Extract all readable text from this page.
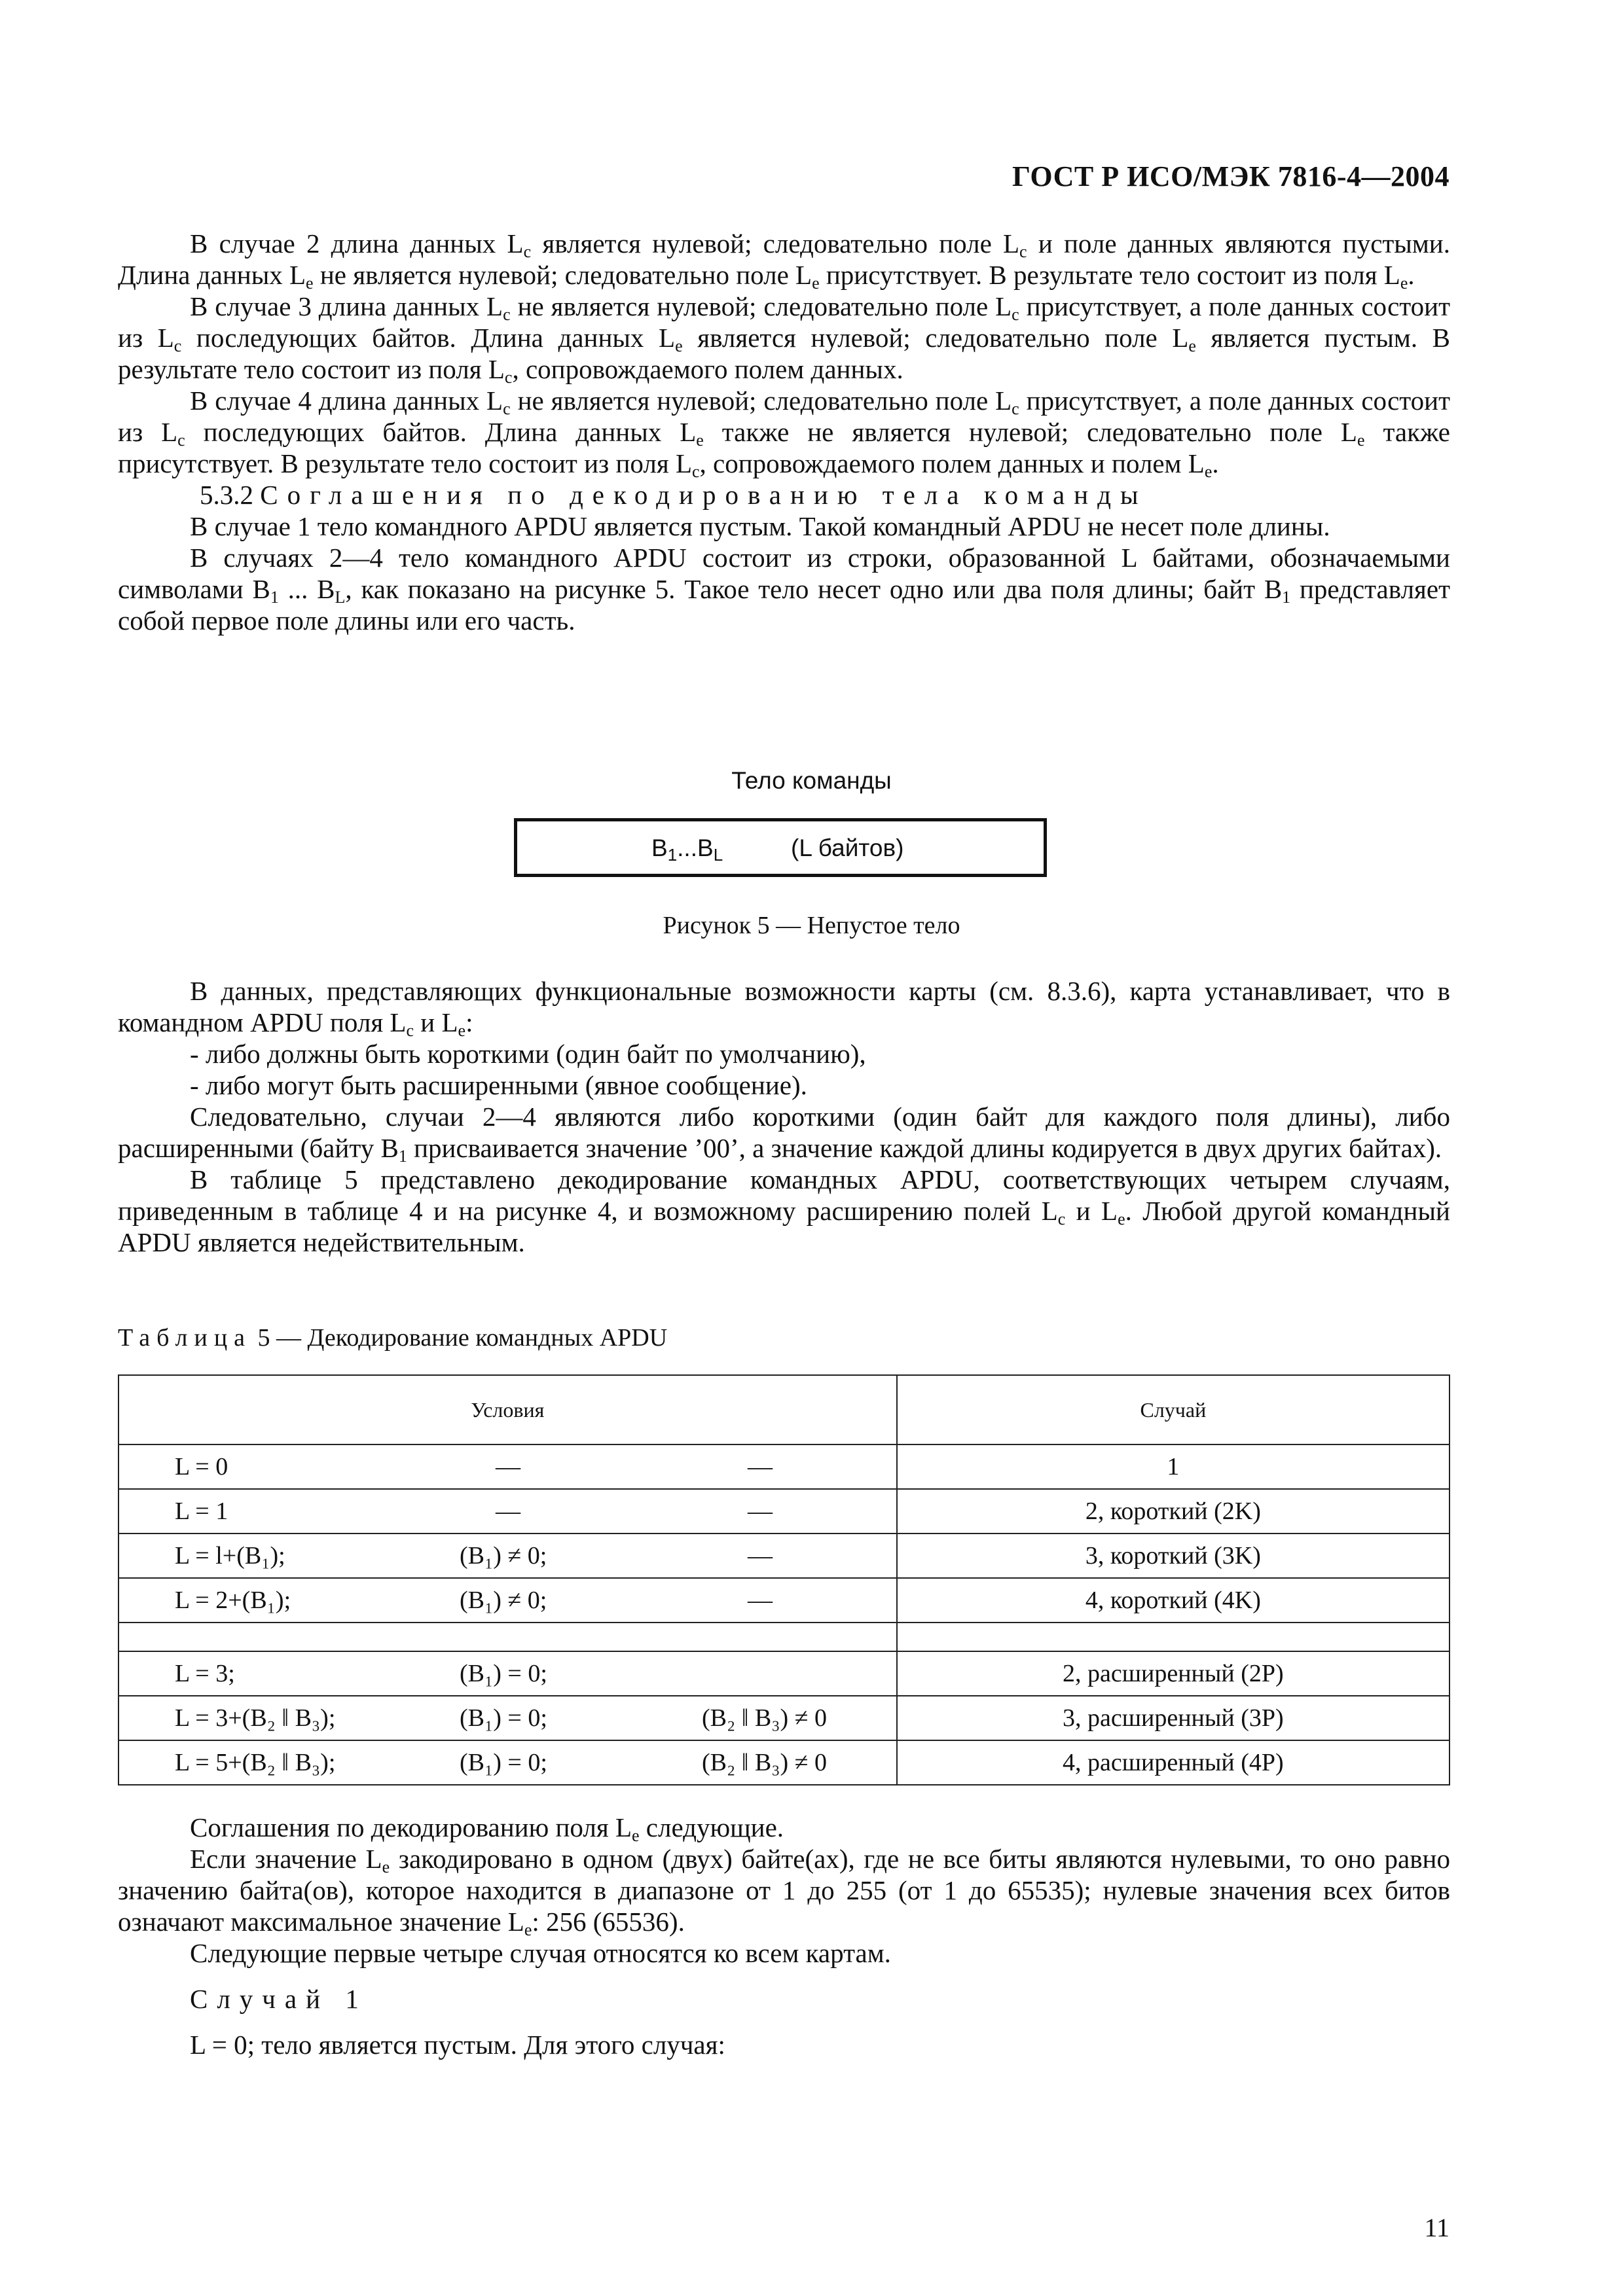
ГОСТ Р ИСО/МЭК 7816-4—2004

В случае 2 длина данных $L_c$ является нулевой; следовательно поле $L_c$ и поле данных являются пустыми. Длина данных $L_e$ не является нулевой; следовательно поле $L_e$ присутствует. В результате тело состоит из поля $L_e$.

В случае 3 длина данных $L_c$ не является нулевой; следовательно поле $L_c$ присутствует, а поле данных состоит из $L_c$ последующих байтов. Длина данных $L_e$ является нулевой; следовательно поле $L_e$ является пустым. В результате тело состоит из поля $L_c$, сопровождаемого полем данных.

В случае 4 длина данных $L_c$ не является нулевой; следовательно поле $L_c$ присутствует, а поле данных состоит из $L_c$ последующих байтов. Длина данных $L_e$ также не является нулевой; следовательно поле $L_e$ также присутствует. В результате тело состоит из поля $L_c$, сопровождаемого полем данных и полем $L_e$.

5.3.2 Соглашения по декодированию тела команды

В случае 1 тело командного APDU является пустым. Такой командный APDU не несет поле длины.

В случаях 2—4 тело командного APDU состоит из строки, образованной L байтами, обозначаемыми символами $B_1$ ... $B_L$, как показано на рисунке 5. Такое тело несет одно или два поля длины; байт $B_1$ представляет собой первое поле длины или его часть.

Тело команды
$B_1...B_L$	(L байтов)
Рисунок 5 — Непустое тело

В данных, представляющих функциональные возможности карты (см. 8.3.6), карта устанавливает, что в командном APDU поля $L_c$ и $L_e$:

- либо должны быть короткими (один байт по умолчанию),

- либо могут быть расширенными (явное сообщение).

Следовательно, случаи 2—4 являются либо короткими (один байт для каждого поля длины), либо расширенными (байту $B_1$ присваивается значение ’00’, а значение каждой длины кодируется в двух других байтах).

В таблице 5 представлено декодирование командных APDU, соответствующих четырем случаям, приведенным в таблице 4 и на рисунке 4, и возможному расширению полей $L_c$ и $L_e$. Любой другой командный APDU является недействительным.

Таблица 5 — Декодирование командных APDU
Условия	Случай

L = 0 — —	1

L = 1 — —	2, короткий (2K)

L = l+(B₁); (B₁) ≠ 0; —	3, короткий (3K)

L = 2+(B₁); (B₁) ≠ 0; —	4, короткий (4K)

L = 3; (B₁) = 0;	2, расширенный (2P)

L = 3+(B₂ ‖ B₃); (B₁) = 0; (B₂ ‖ B₃) ≠ 0	3, расширенный (3P)

L = 5+(B₂ ‖ B₃); (B₁) = 0; (B₂ ‖ B₃) ≠ 0	4, расширенный (4P)

Соглашения по декодированию поля $L_e$ следующие.

Если значение $L_e$ закодировано в одном (двух) байте(ах), где не все биты являются нулевыми, то оно равно значению байта(ов), которое находится в диапазоне от 1 до 255 (от 1 до 65535); нулевые значения всех битов означают максимальное значение $L_e$: 256 (65536).

Следующие первые четыре случая относятся ко всем картам.

Случай 1

L = 0; тело является пустым. Для этого случая:

11
